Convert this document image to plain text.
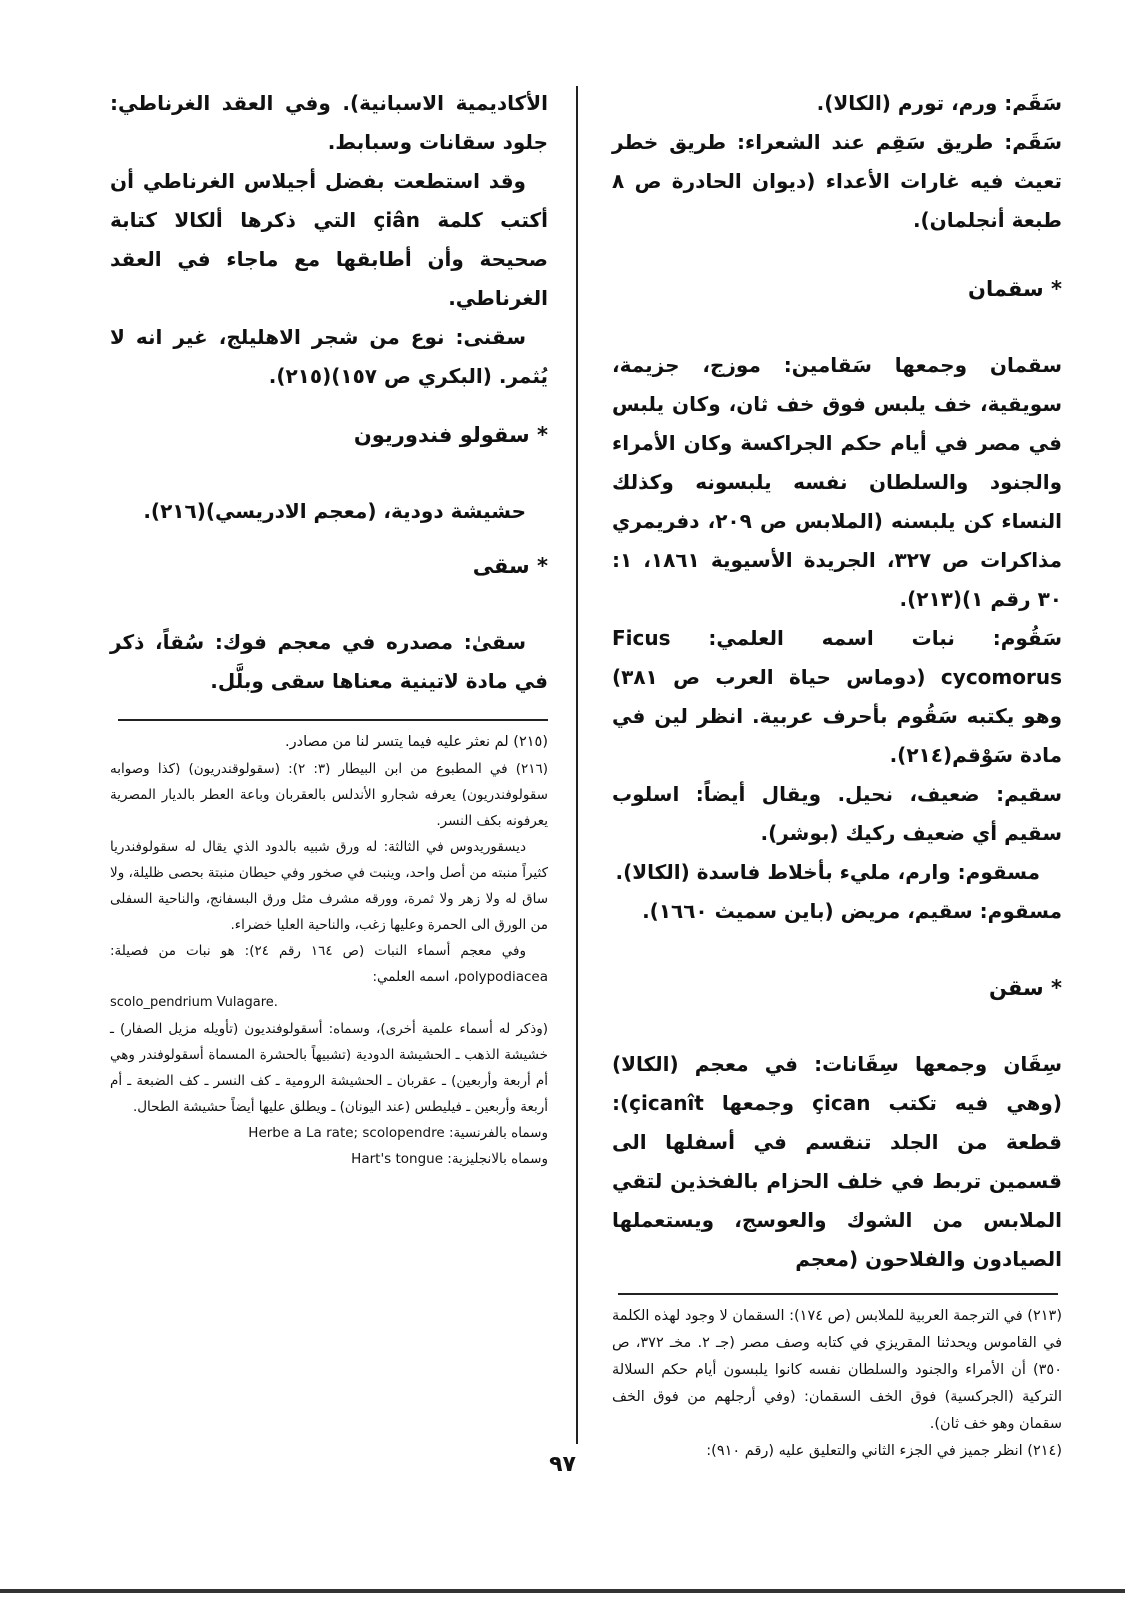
سَقَم: ورم، تورم (الكالا).

سَقَم: طريق سَقِم عند الشعراء: طريق خطر تعيث فيه غارات الأعداء (ديوان الحادرة ص ٨ طبعة أنجلمان).

* سقمان

سقمان وجمعها سَقامين: موزج، جزيمة، سويقية، خف يلبس فوق خف ثان، وكان يلبس في مصر في أيام حكم الجراكسة وكان الأمراء والجنود والسلطان نفسه يلبسونه وكذلك النساء كن يلبسنه (الملابس ص ٢٠٩، دفريمري مذاكرات ص ٣٢٧، الجريدة الأسيوية ١٨٦١، ١: ٣٠ رقم ١)(٢١٣).

سَقُوم: نبات اسمه العلمي: Ficus cycomorus (دوماس حياة العرب ص ٣٨١) وهو يكتبه سَقُوم بأحرف عربية. انظر لين في مادة سَوْقم(٢١٤).

سقيم: ضعيف، نحيل. ويقال أيضاً: اسلوب سقيم أي ضعيف ركيك (بوشر).

مسقوم: وارم، مليء بأخلاط فاسدة (الكالا).

مسقوم: سقيم، مريض (باين سميث ١٦٦٠).

* سقن

سِقَان وجمعها سِقَانات: في معجم (الكالا)(وهي فيه تكتب çican وجمعها çicanît): قطعة من الجلد تنقسم في أسفلها الى قسمين تربط في خلف الحزام بالفخذين لتقي الملابس من الشوك والعوسج، ويستعملها الصيادون والفلاحون (معجم

(٢١٣) في الترجمة العربية للملابس (ص ١٧٤): السقمان لا وجود لهذه الكلمة في القاموس ويحدثنا المقريزي في كتابه وصف مصر (جـ ٢. مخـ ٣٧٢، ص ٣٥٠) أن الأمراء والجنود والسلطان نفسه كانوا يلبسون أيام حكم السلالة التركية (الجركسية) فوق الخف السقمان: (وفي أرجلهم من فوق الخف سقمان وهو خف ثان).

(٢١٤) انظر جميز في الجزء الثاني والتعليق عليه (رقم ٩١٠):

الأكاديمية الاسبانية). وفي العقد الغرناطي: جلود سقانات وسبابط.

وقد استطعت بفضل أجيلاس الغرناطي أن أكتب كلمة çiân التي ذكرها ألكالا كتابة صحيحة وأن أطابقها مع ماجاء في العقد الغرناطي.

سقنى: نوع من شجر الاهليلج، غير انه لا يُثمر. (البكري ص ١٥٧)(٢١٥).

* سقولو فندوريون

حشيشة دودية، (معجم الادريسي)(٢١٦).

* سقى

سقىٰ: مصدره في معجم فوك: سُقاً، ذكر في مادة لاتينية معناها سقى وبلَّل.

(٢١٥) لم نعثر عليه فيما يتسر لنا من مصادر.

(٢١٦) في المطبوع من ابن البيطار (٣: ٢): (سقولوقندريون) (كذا وصوابه سقولوفندريون) يعرفه شجارو الأندلس بالعقربان وباعة العطر بالديار المصرية يعرفونه بكف النسر.

ديسقوريدوس في الثالثة: له ورق شبيه بالدود الذي يقال له سقولوفندريا كثيراً منبته من أصل واحد، وينبت في صخور وفي حيطان منبتة بحصى ظليلة، ولا ساق له ولا زهر ولا ثمرة، وورقه مشرف مثل ورق البسفانج، والناحية السفلى من الورق الى الحمرة وعليها زغب، والناحية العليا خضراء.

وفي معجم أسماء النبات (ص ١٦٤ رقم ٢٤): هو نبات من فصيلة: polypodiacea، اسمه العلمي:

scolo_pendrium Vulagare.

(وذكر له أسماء علمية أخرى)، وسماه: أسقولوفنديون (تأويله مزيل الصفار) ـ خشيشة الذهب ـ الحشيشة الدودية (تشبيهاً بالحشرة المسماة أسقولوفندر وهي أم أربعة وأربعين) ـ عقربان ـ الحشيشة الرومية ـ كف النسر ـ كف الضبعة ـ أم أربعة وأربعين ـ فيليطس (عند اليونان) ـ ويطلق عليها أيضاً حشيشة الطحال.

وسماه بالفرنسية: Herbe a La rate; scolopendre

وسماه بالانجليزية: Hart's tongue

٩٧
